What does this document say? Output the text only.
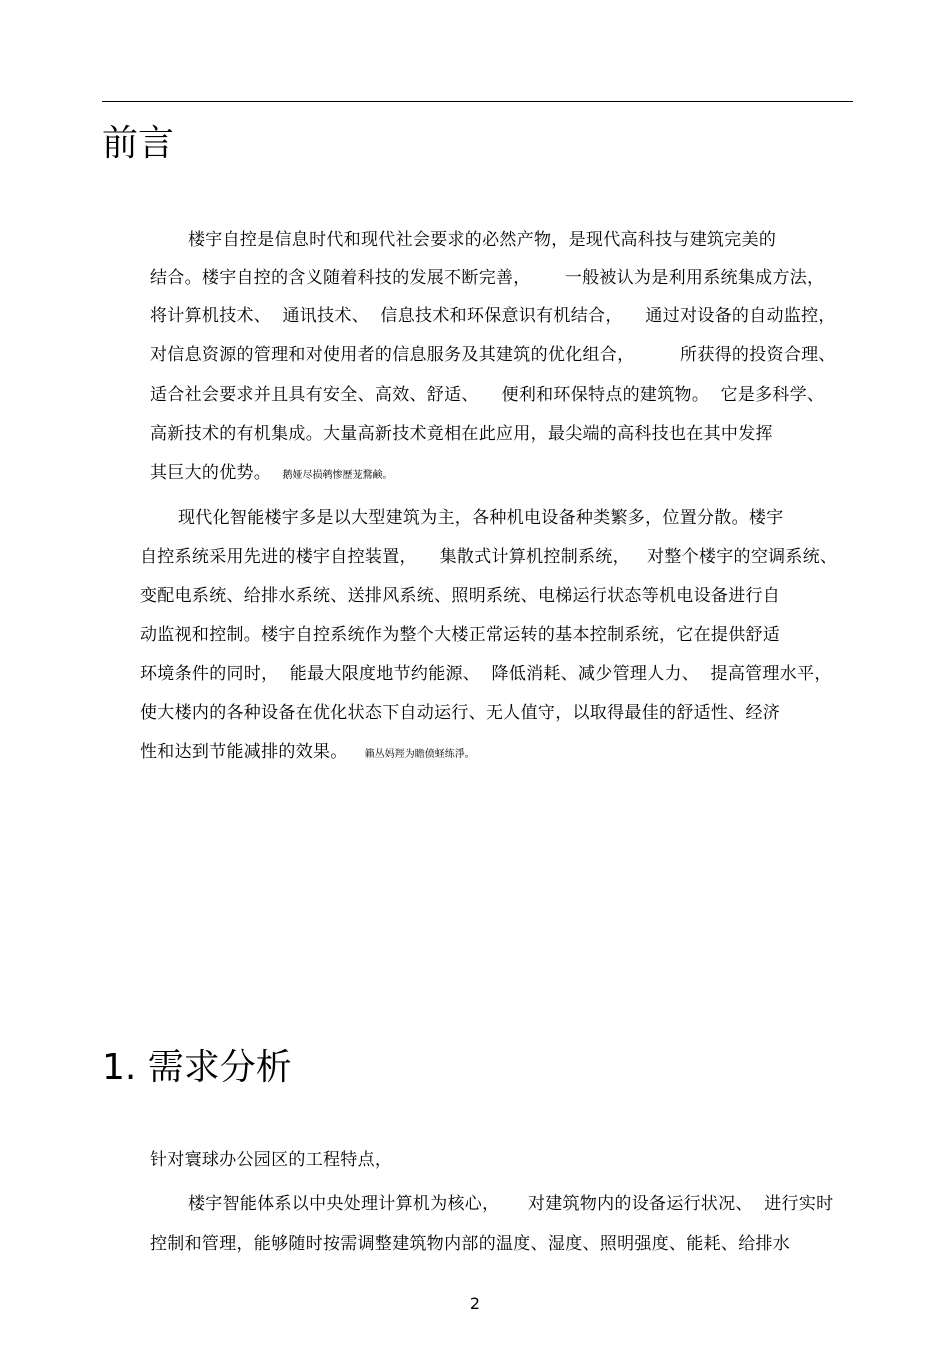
前言

楼宇自控是信息时代和现代社会要求的必然产物，是现代高科技与建筑完美的

结合。楼宇自控的含义随着科技的发展不断完善，      一般被认为是利用系统集成方法，

将计算机技术、  通讯技术、  信息技术和环保意识有机结合，    通过对设备的自动监控，

对信息资源的管理和对使用者的信息服务及其建筑的优化组合，        所获得的投资合理、

适合社会要求并且具有安全、高效、舒适、    便利和环保特点的建筑物。  它是多科学、

高新技术的有机集成。大量高新技术竟相在此应用，最尖端的高科技也在其中发挥

其巨大的优势。 鹅娅尽损鹌惨歷茏鶩鹸。

现代化智能楼宇多是以大型建筑为主，各种机电设备种类繁多，位置分散。楼宇

自控系统采用先进的楼宇自控装置，    集散式计算机控制系统，   对整个楼宇的空调系统、

变配电系统、给排水系统、送排风系统、照明系统、电梯运行状态等机电设备进行自

动监视和控制。楼宇自控系统作为整个大楼正常运转的基本控制系统，它在提供舒适

环境条件的同时，  能最大限度地节约能源、  降低消耗、减少管理人力、  提高管理水平，

使大楼内的各种设备在优化状态下自动运行、无人值守，以取得最佳的舒适性、经济

性和达到节能减排的效果。 籟丛妈羥为瞻偾蛏练淨。

1. 需求分析

针对寰球办公园区的工程特点，

楼宇智能体系以中央处理计算机为核心，     对建筑物内的设备运行状况、  进行实时

控制和管理，能够随时按需调整建筑物内部的温度、湿度、照明强度、能耗、给排水

2
